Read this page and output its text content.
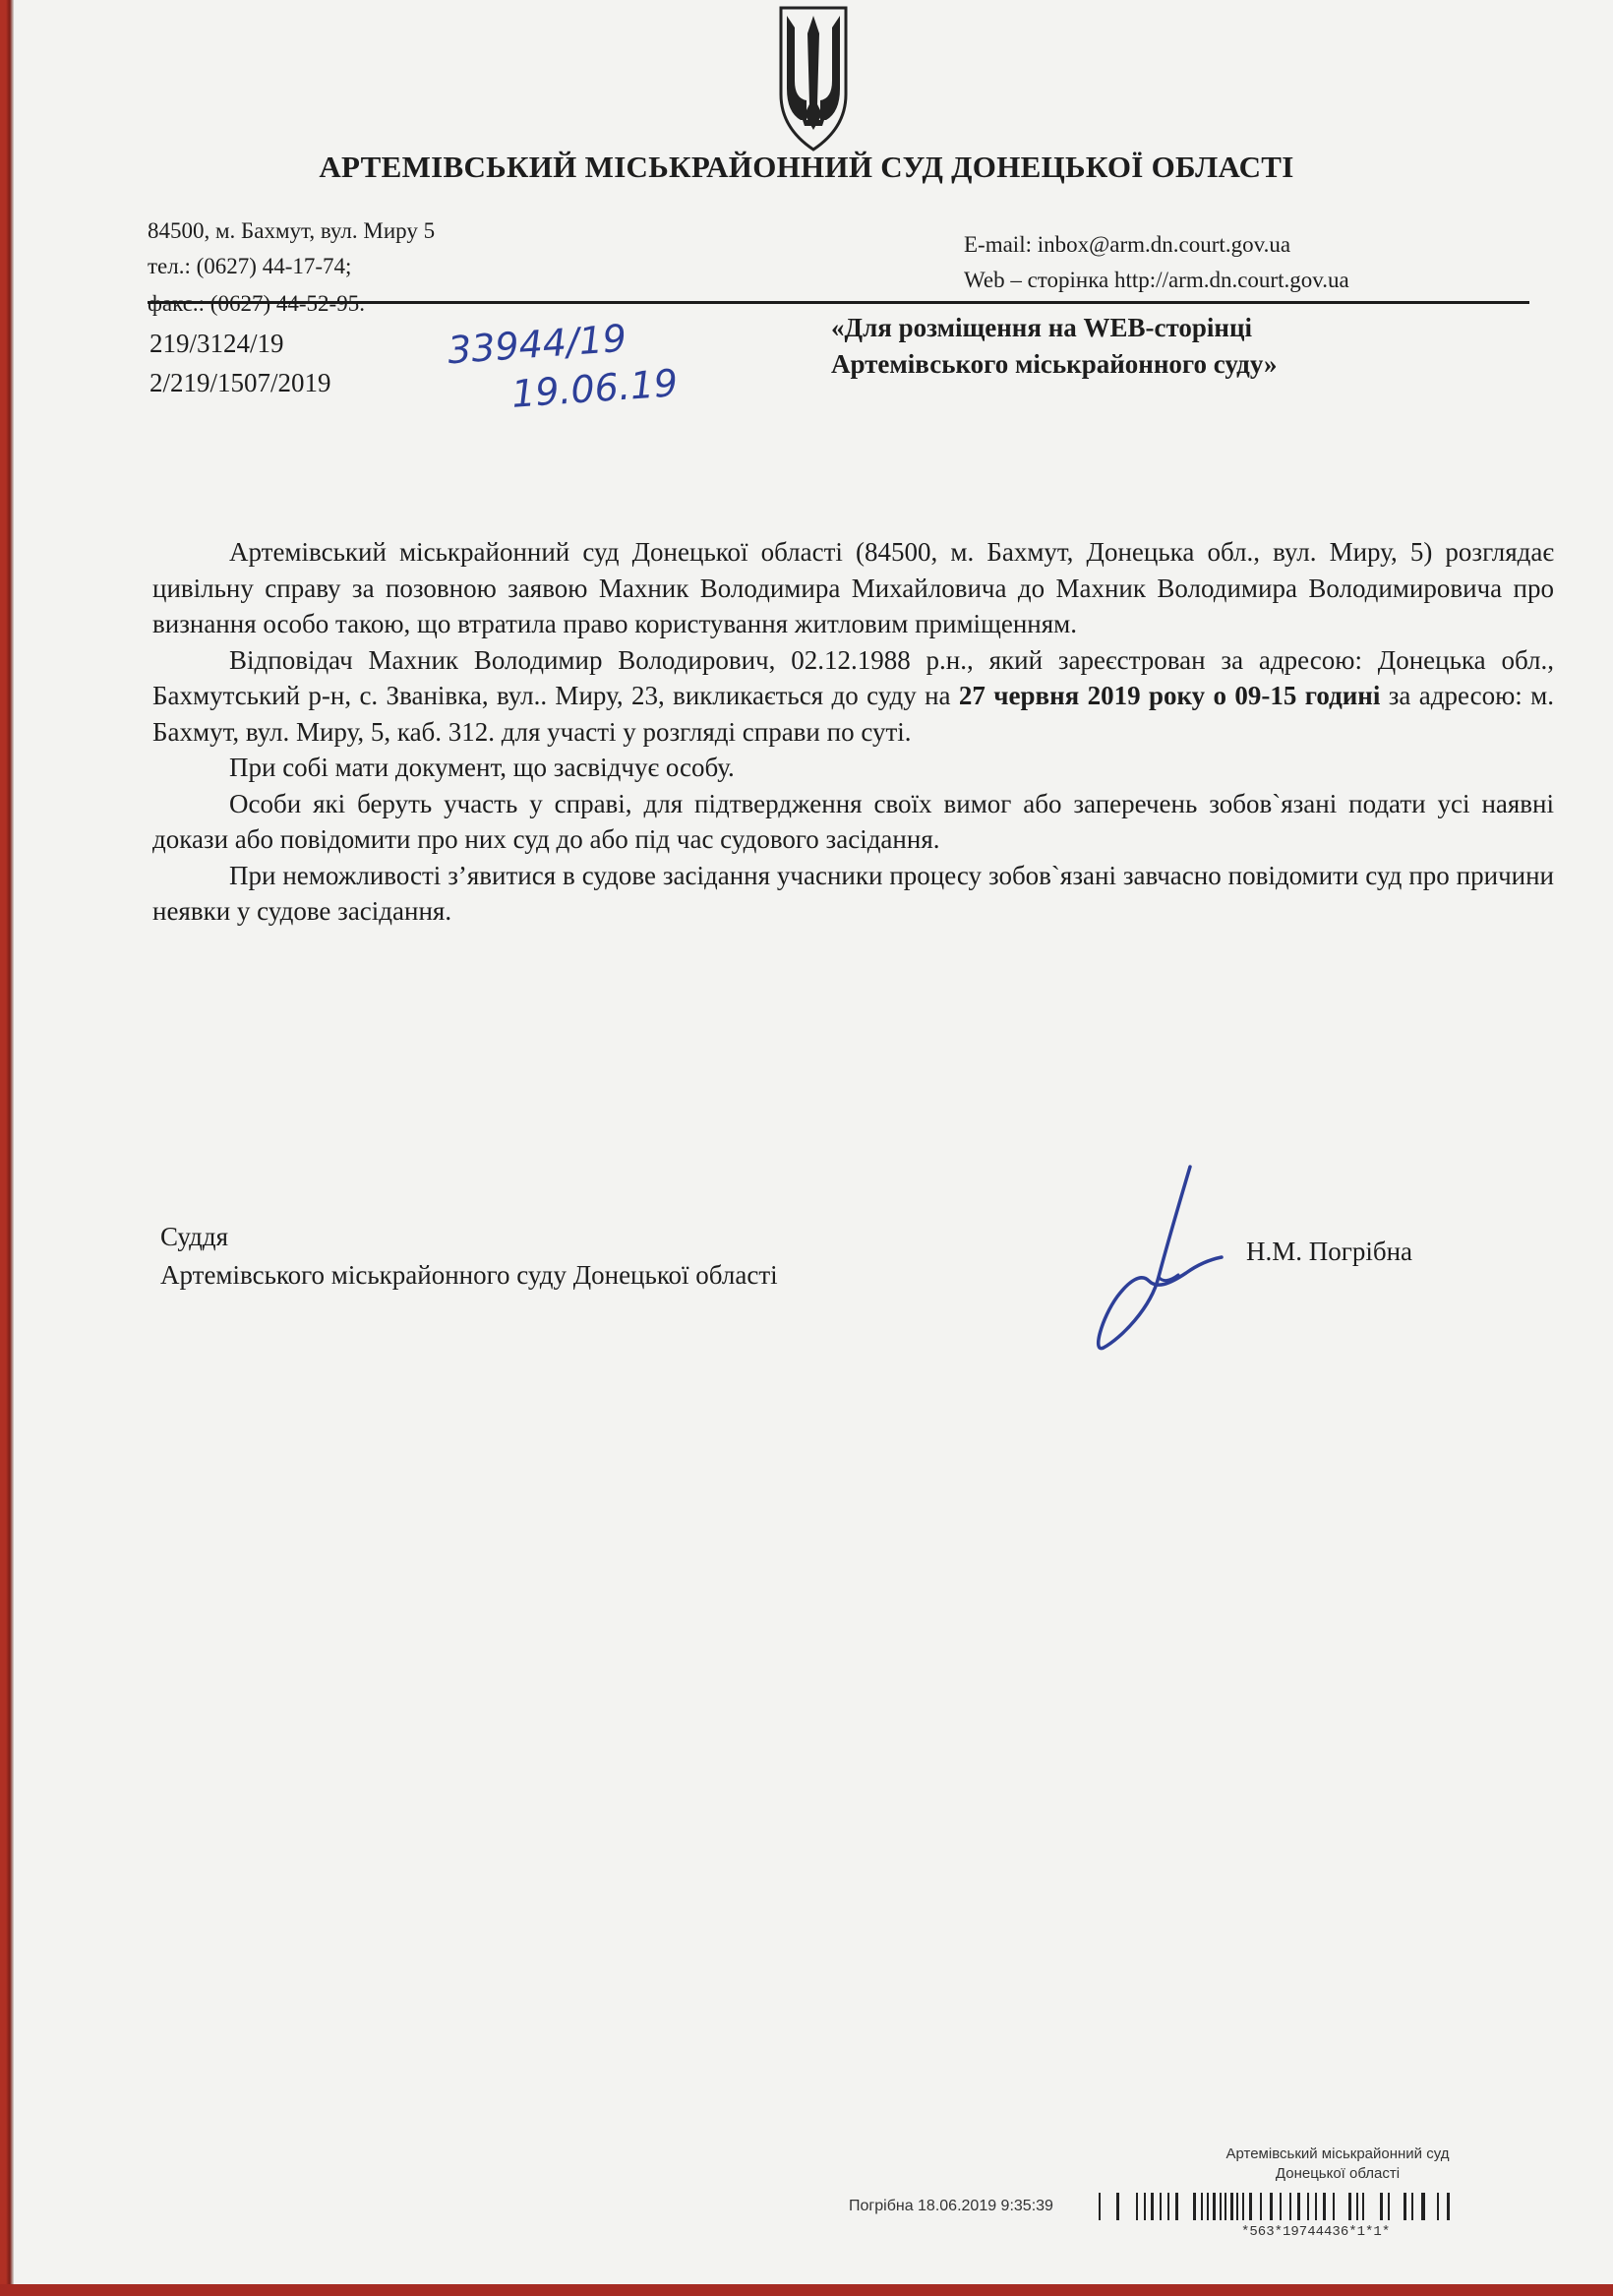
АРТЕМІВСЬКИЙ МІСЬКРАЙОННИЙ СУД ДОНЕЦЬКОЇ ОБЛАСТІ
84500, м. Бахмут, вул. Миру 5
тел.: (0627) 44-17-74;
E-mail: inbox@arm.dn.court.gov.ua
Web – сторінка http://arm.dn.court.gov.ua
219/3124/19
2/219/1507/2019
33944/19
19.06.19
«Для розміщення на WEB-сторінці
Артемівського міськрайонного суду»

Артемівський міськрайонний суд Донецької області (84500, м. Бахмут, Донецька обл., вул. Миру, 5) розглядає цивільну справу за позовною заявою Махник Володимира Михайловича до Махник Володимира Володимировича про визнання особо такою, що втратила право користування житловим приміщенням.

Відповідач Махник Володимир Володирович, 02.12.1988 р.н., який зареєстрован за адресою: Донецька обл., Бахмутський р-н, с. Званівка, вул.. Миру, 23, викликається до суду на 27 червня 2019 року о 09-15 годині за адресою: м. Бахмут, вул. Миру, 5, каб. 312. для участі у розгляді справи по суті.

При собі мати документ, що засвідчує особу.

Особи які беруть участь у справі, для підтвердження своїх вимог або заперечень зобов`язані подати усі наявні докази або повідомити про них суд до або під час судового засідання.

При неможливості з’явитися в судове засідання учасники процесу зобов`язані завчасно повідомити суд про причини неявки у судове засідання.

Суддя
Артемівського міськрайонного суду Донецької області
Н.М. Погрібна
Артемівський міськрайонний суд
Донецької області
Погрібна 18.06.2019 9:35:39
*563*19744436*1*1*
